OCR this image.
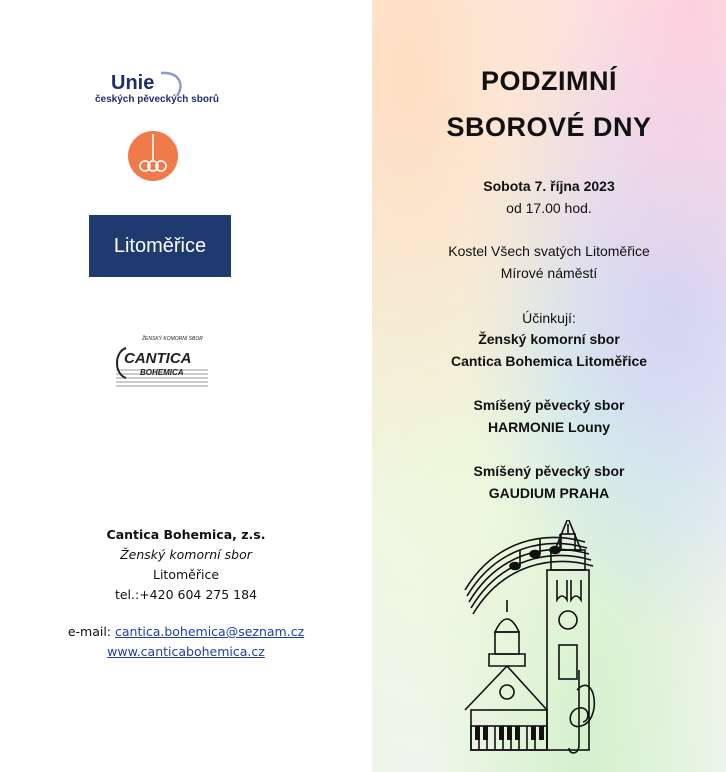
Unie
českých pěveckých sborů
Litoměřice
ŽENSKÝ KOMORNÍ SBOR
CANTICA
BOHEMICA
Cantica Bohemica, z.s.
Ženský komorní sbor
Litoměřice
tel.:+420 604 275 184
e-mail: cantica.bohemica@seznam.cz
www.canticabohemica.cz
PODZIMNÍ
SBOROVÉ DNY
Sobota 7. října 2023
od 17.00 hod.
Kostel Všech svatých Litoměřice
Mírové náměstí
Účinkují:
Ženský komorní sbor
Cantica Bohemica Litoměřice
Smíšený pěvecký sbor
HARMONIE Louny
Smíšený pěvecký sbor
GAUDIUM PRAHA
